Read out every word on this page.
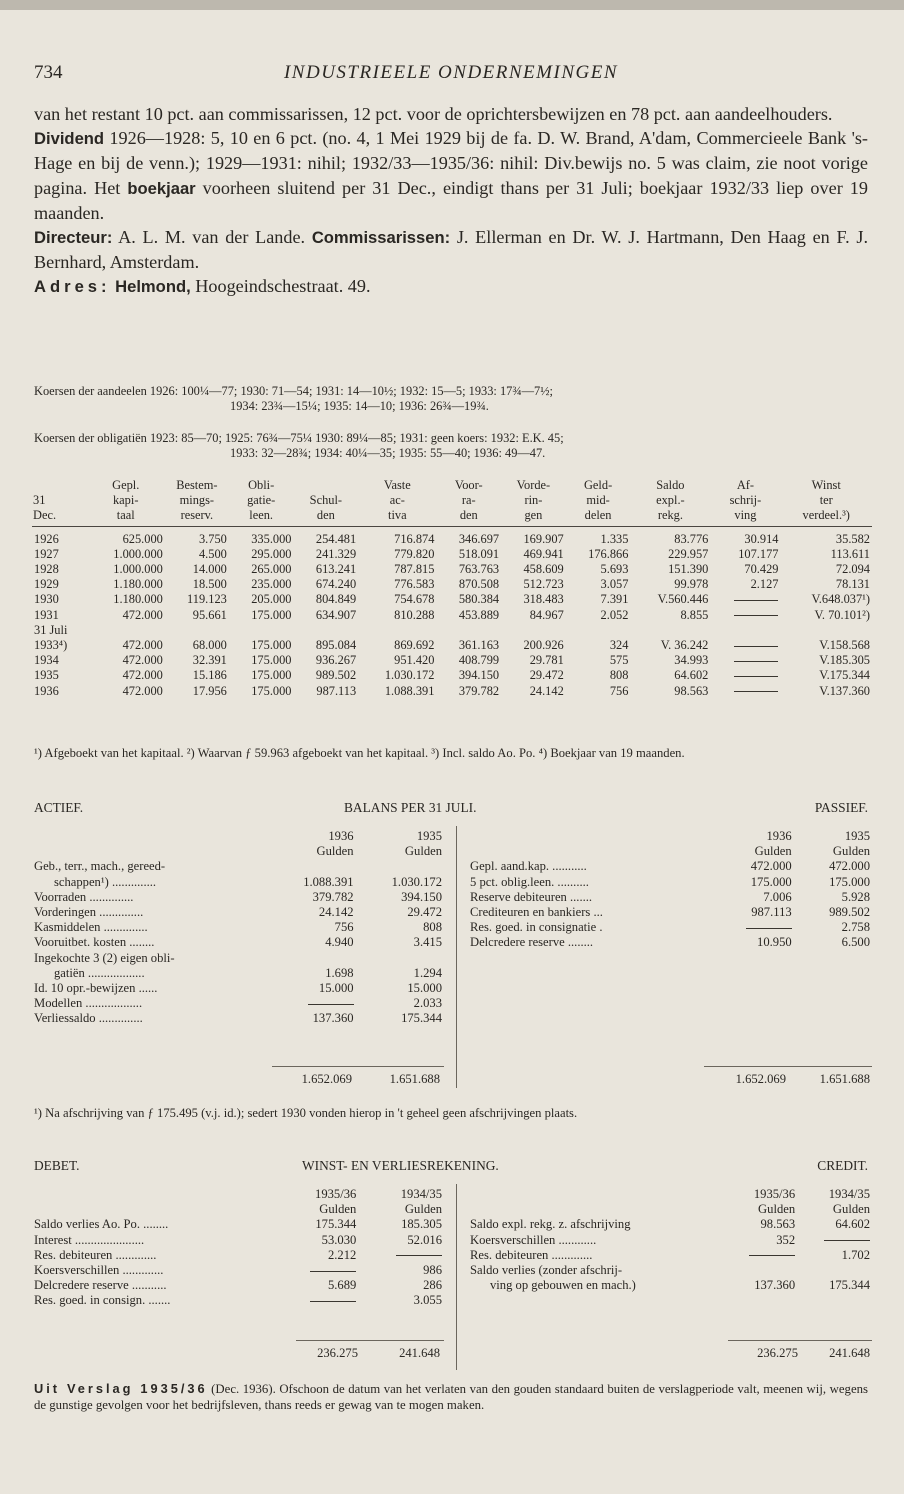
734	INDUSTRIEELE ONDERNEMINGEN

van het restant 10 pct. aan commissarissen, 12 pct. voor de oprichtersbewijzen en 78 pct. aan aandeelhouders.

Dividend 1926—1928: 5, 10 en 6 pct. (no. 4, 1 Mei 1929 bij de fa. D. W. Brand, A'dam, Commercieele Bank 's-Hage en bij de venn.); 1929—1931: nihil; 1932/33—1935/36: nihil: Div.bewijs no. 5 was claim, zie noot vorige pagina. Het boekjaar voorheen sluitend per 31 Dec., eindigt thans per 31 Juli; boekjaar 1932/33 liep over 19 maanden.

Directeur: A. L. M. van der Lande. Commissarissen: J. Ellerman en Dr. W. J. Hartmann, Den Haag en F. J. Bernhard, Amsterdam.

Adres: Helmond, Hoogeindschestraat. 49.

Koersen der aandeelen 1926: 100¼—77; 1930: 71—54; 1931: 14—10½; 1932: 15—5; 1933: 17¾—7½;
1934: 23¾—15¼; 1935: 14—10; 1936: 26¾—19¾.
Koersen der obligatiën 1923: 85—70; 1925: 76¾—75¼ 1930: 89¼—85; 1931: geen koers: 1932: E.K. 45;
1933: 32—28¾; 1934: 40¼—35; 1935: 55—40; 1936: 49—47.
	Gepl.	Bestem-	Obli-		Vaste	Voor-	Vorde-	Geld-	Saldo	Af-	Winst
31	kapi-	mings-	gatie-	Schul-	ac-	ra-	rin-	mid-	expl.-	schrij-	ter
Dec.	taal	reserv.	leen.	den	tiva	den	gen	delen	rekg.	ving	verdeel.³)
1926	625.000	3.750	335.000	254.481	716.874	346.697	169.907	1.335	83.776	30.914	35.582
1927	1.000.000	4.500	295.000	241.329	779.820	518.091	469.941	176.866	229.957	107.177	113.611
1928	1.000.000	14.000	265.000	613.241	787.815	763.763	458.609	5.693	151.390	70.429	72.094
1929	1.180.000	18.500	235.000	674.240	776.583	870.508	512.723	3.057	99.978	2.127	78.131
1930	1.180.000	119.123	205.000	804.849	754.678	580.384	318.483	7.391	V.560.446		V.648.037¹)
1931	472.000	95.661	175.000	634.907	810.288	453.889	84.967	2.052	8.855		V. 70.101²)
31 Juli											
1933⁴)	472.000	68.000	175.000	895.084	869.692	361.163	200.926	324	V. 36.242		V.158.568
1934	472.000	32.391	175.000	936.267	951.420	408.799	29.781	575	34.993		V.185.305
1935	472.000	15.186	175.000	989.502	1.030.172	394.150	29.472	808	64.602		V.175.344
1936	472.000	17.956	175.000	987.113	1.088.391	379.782	24.142	756	98.563		V.137.360
¹) Afgeboekt van het kapitaal. ²) Waarvan ƒ 59.963 afgeboekt van het kapitaal. ³) Incl. saldo Ao. Po. ⁴) Boekjaar van 19 maanden.
ACTIEF.	BALANS PER 31 JULI.	PASSIEF.
	1936	1935
	Gulden	Gulden
Geb., terr., mach., gereed-		
schappen¹) ..............	1.088.391	1.030.172
Voorraden ..............	379.782	394.150
Vorderingen ..............	24.142	29.472
Kasmiddelen ..............	756	808
Vooruitbet. kosten ........	4.940	3.415
Ingekochte 3 (2) eigen obli-		
gatiën ..................	1.698	1.294
Id. 10 opr.-bewijzen ......	15.000	15.000
Modellen ..................		2.033
Verliessaldo ..............	137.360	175.344
1.652.069	1.651.688
	1936	1935
	Gulden	Gulden
Gepl. aand.kap. ...........	472.000	472.000
5 pct. oblig.leen. ..........	175.000	175.000
Reserve debiteuren .......	7.006	5.928
Crediteuren en bankiers ...	987.113	989.502
Res. goed. in consignatie .		2.758
Delcredere reserve ........	10.950	6.500
1.652.069	1.651.688
¹) Na afschrijving van ƒ 175.495 (v.j. id.); sedert 1930 vonden hierop in 't geheel geen afschrijvingen plaats.
DEBET.	WINST- EN VERLIESREKENING.	CREDIT.
	1935/36	1934/35
	Gulden	Gulden
Saldo verlies Ao. Po. ........	175.344	185.305
Interest ......................	53.030	52.016
Res. debiteuren .............	2.212	
Koersverschillen .............		986
Delcredere reserve ...........	5.689	286
Res. goed. in consign. .......		3.055
236.275	241.648
	1935/36	1934/35
	Gulden	Gulden
Saldo expl. rekg. z. afschrijving	98.563	64.602
Koersverschillen ............	352	
Res. debiteuren .............		1.702
Saldo verlies (zonder afschrij-		
ving op gebouwen en mach.)	137.360	175.344
236.275 241.648
Uit Verslag 1935/36 (Dec. 1936). Ofschoon de datum van het verlaten van den gouden standaard buiten de verslagperiode valt, meenen wij, wegens de gunstige gevolgen voor het bedrijfsleven, thans reeds er gewag van te mogen maken.
